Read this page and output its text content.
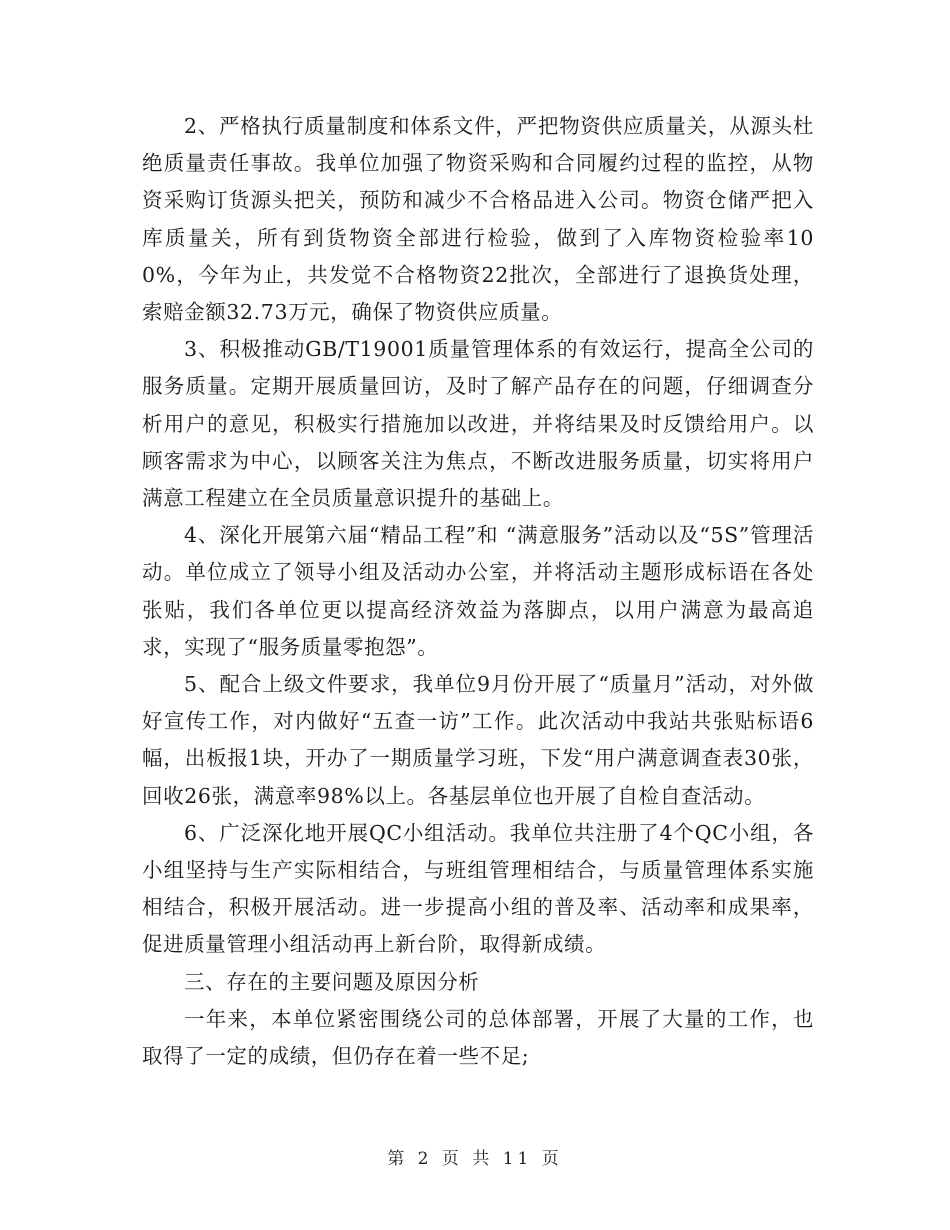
2、严格执行质量制度和体系文件，严把物资供应质量关，从源头杜绝质量责任事故。我单位加强了物资采购和合同履约过程的监控，从物资采购订货源头把关，预防和减少不合格品进入公司。物资仓储严把入库质量关，所有到货物资全部进行检验，做到了入库物资检验率100%，今年为止，共发觉不合格物资22批次，全部进行了退换货处理，索赔金额32.73万元，确保了物资供应质量。

3、积极推动GB/T19001质量管理体系的有效运行，提高全公司的服务质量。定期开展质量回访，及时了解产品存在的问题，仔细调查分析用户的意见，积极实行措施加以改进，并将结果及时反馈给用户。以顾客需求为中心，以顾客关注为焦点，不断改进服务质量，切实将用户满意工程建立在全员质量意识提升的基础上。

4、深化开展第六届“精品工程”和 “满意服务”活动以及“5S”管理活动。单位成立了领导小组及活动办公室，并将活动主题形成标语在各处张贴，我们各单位更以提高经济效益为落脚点，以用户满意为最高追求，实现了“服务质量零抱怨”。

5、配合上级文件要求，我单位9月份开展了“质量月”活动，对外做好宣传工作，对内做好“五查一访”工作。此次活动中我站共张贴标语6幅，出板报1块，开办了一期质量学习班，下发“用户满意调查表30张，回收26张，满意率98%以上。各基层单位也开展了自检自查活动。

6、广泛深化地开展QC小组活动。我单位共注册了4个QC小组，各小组坚持与生产实际相结合，与班组管理相结合，与质量管理体系实施相结合，积极开展活动。进一步提高小组的普及率、活动率和成果率，促进质量管理小组活动再上新台阶，取得新成绩。

三、存在的主要问题及原因分析

一年来，本单位紧密围绕公司的总体部署，开展了大量的工作，也取得了一定的成绩，但仍存在着一些不足;

第 2 页 共 11 页
